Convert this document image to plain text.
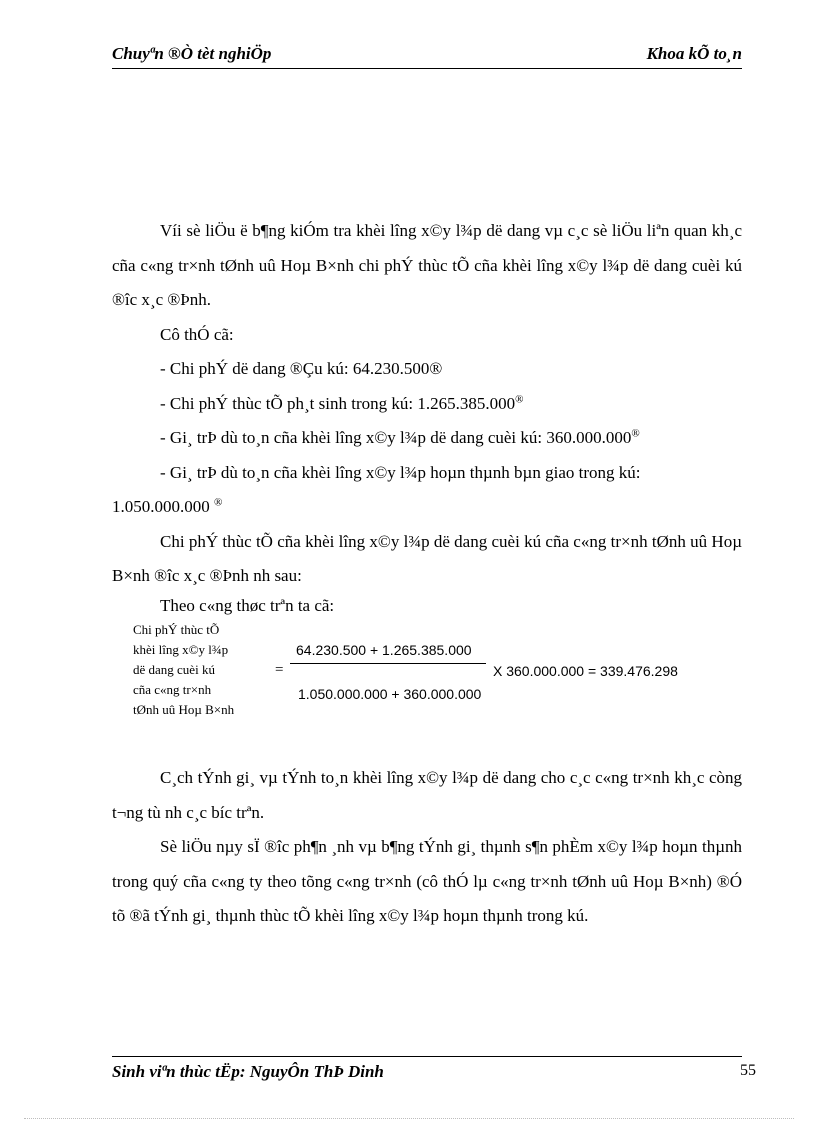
Chuyªn ®Ò tèt nghiÖp	Khoa kÕ to¸n

Víi sè liÖu ë b¶ng kiÓm tra khèi lîng x©y l¾p dë dang vµ c¸c sè liÖu liªn quan kh¸c cña c«ng tr×nh tØnh uû Hoµ B×nh chi phÝ thùc tÕ cña khèi lîng x©y l¾p dë dang cuèi kú ®îc x¸c ®Þnh.

Cô thÓ cã:

- Chi phÝ dë dang ®Çu kú: 64.230.500®

- Chi phÝ thùc tÕ ph¸t sinh trong kú: 1.265.385.000®

- Gi¸ trÞ dù to¸n cña khèi lîng x©y l¾p dë dang cuèi kú: 360.000.000®

- Gi¸ trÞ dù to¸n cña khèi lîng x©y l¾p hoµn thµnh bµn giao trong kú:

1.050.000.000 ®

Chi phÝ thùc tÕ cña khèi lîng x©y l¾p dë dang cuèi kú cña c«ng tr×nh tØnh uû Hoµ B×nh ®îc x¸c ®Þnh nh sau:

Theo c«ng thøc trªn ta cã:
Chi phÝ thùc tÕ
khèi lîng x©y l¾p
dë dang cuèi kú
cña c«ng tr×nh
tØnh uû Hoµ B×nh
=
64.230.500 + 1.265.385.000
1.050.000.000 + 360.000.000
X 360.000.000 = 339.476.298

C¸ch tÝnh gi¸ vµ tÝnh to¸n khèi lîng x©y l¾p dë dang cho c¸c c«ng tr×nh kh¸c còng t¬ng tù nh c¸c bíc trªn.

Sè liÖu nµy sÏ ®îc ph¶n ¸nh vµ b¶ng tÝnh gi¸ thµnh s¶n phÈm x©y l¾p hoµn thµnh trong quý cña c«ng ty theo tõng c«ng tr×nh (cô thÓ lµ c«ng tr×nh tØnh uû Hoµ B×nh) ®Ó tõ ®ã tÝnh gi¸ thµnh thùc tÕ khèi lîng x©y l¾p hoµn thµnh trong kú.

Sinh viªn thùc tËp: NguyÔn ThÞ Dinh	55
